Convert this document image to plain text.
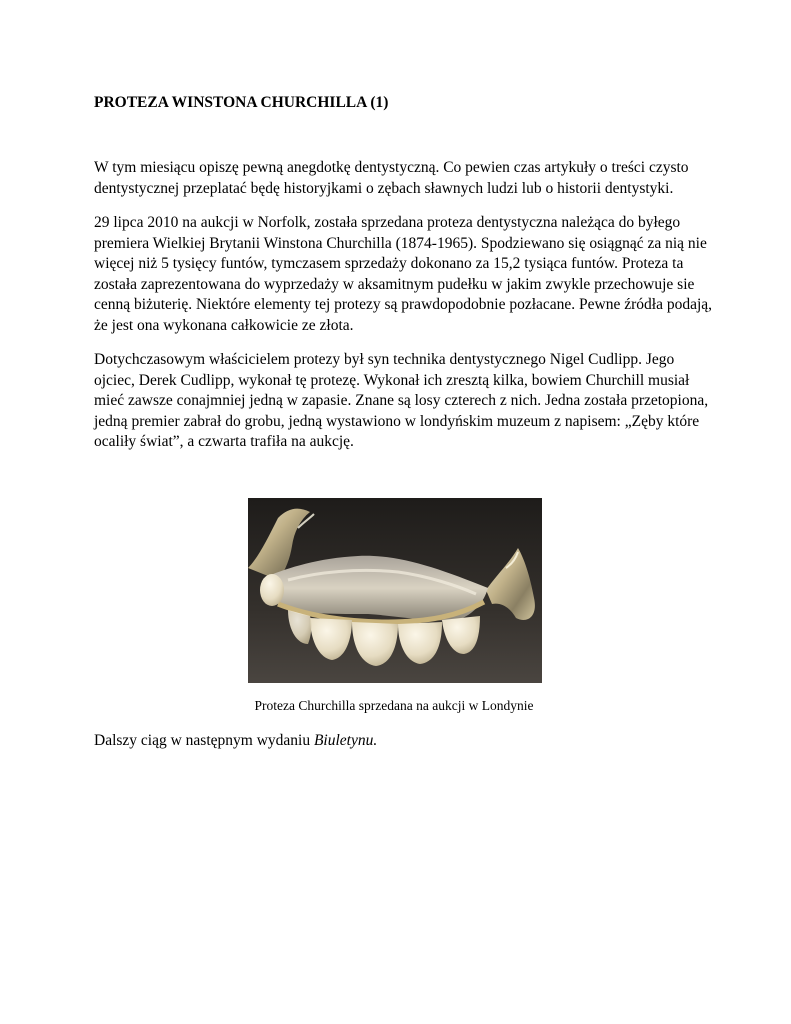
PROTEZA WINSTONA CHURCHILLA (1)

W tym miesiącu opiszę pewną anegdotkę dentystyczną. Co pewien czas artykuły o treści czysto dentystycznej przeplatać będę historyjkami o zębach sławnych ludzi lub o historii dentystyki.

29 lipca 2010 na aukcji w Norfolk, została sprzedana proteza dentystyczna należąca do byłego premiera Wielkiej Brytanii Winstona Churchilla (1874-1965). Spodziewano się osiągnąć za nią nie więcej niż 5 tysięcy funtów, tymczasem sprzedaży dokonano za 15,2 tysiąca funtów. Proteza ta została zaprezentowana do wyprzedaży w aksamitnym pudełku w jakim zwykle przechowuje sie cenną biżuterię. Niektóre elementy tej protezy są prawdopodobnie pozłacane. Pewne źródła podają, że jest ona wykonana całkowicie ze złota.

Dotychczasowym właścicielem protezy był syn technika dentystycznego Nigel Cudlipp. Jego ojciec, Derek Cudlipp, wykonał tę protezę. Wykonał ich zresztą kilka, bowiem Churchill musiał mieć zawsze conajmniej jedną w zapasie. Znane są losy czterech z nich. Jedna została przetopiona, jedną premier zabrał do grobu, jedną wystawiono w londyńskim muzeum z napisem: „Zęby które ocaliły świat”, a czwarta trafiła na aukcję.

Proteza Churchilla sprzedana na aukcji w Londynie

Dalszy ciąg w następnym wydaniu Biuletynu.
